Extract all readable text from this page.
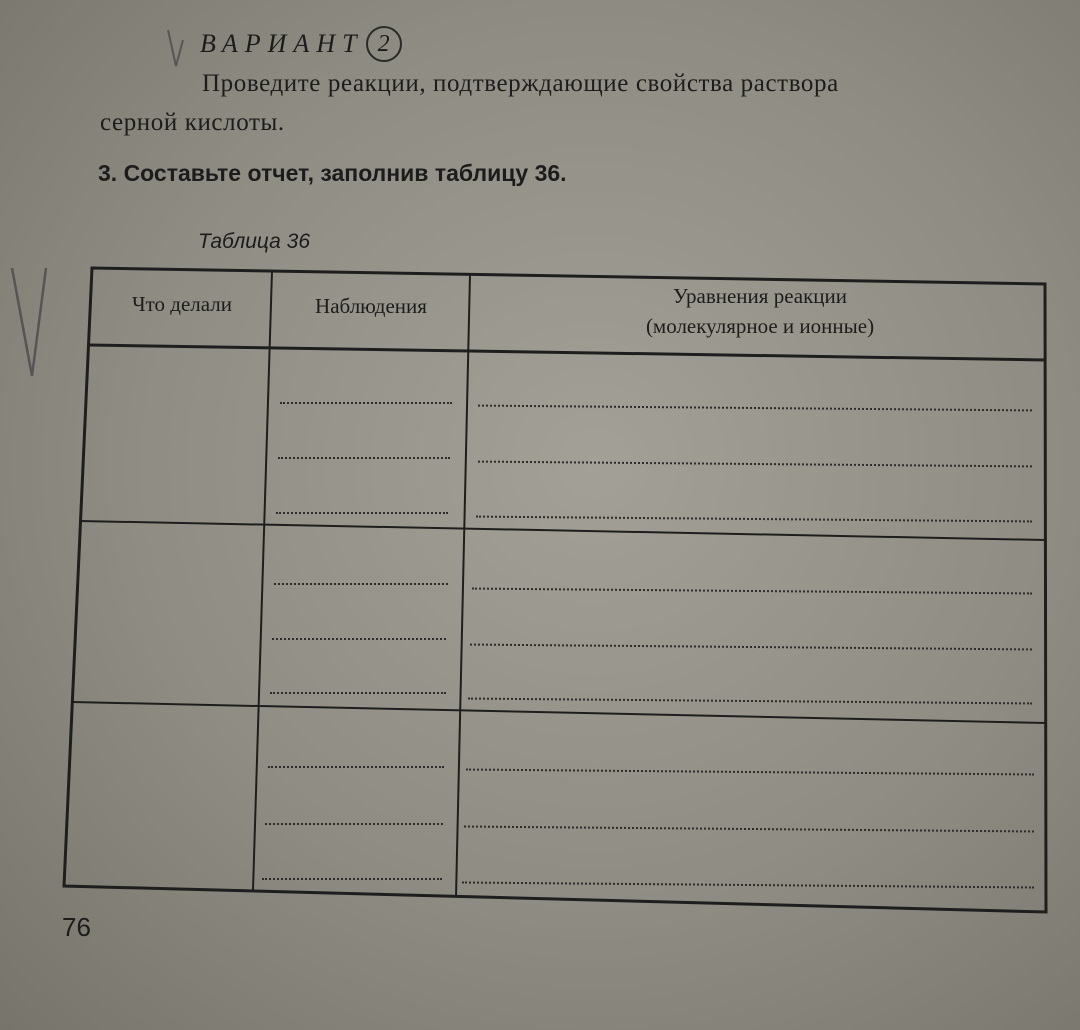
ВАРИАНТ 2
Проведите реакции, подтверждающие свойства раствора
серной кислоты.
3. Составьте отчет, заполнив таблицу 36.
Таблица 36
Что делали	Наблюдения	Уравнения реакции
(молекулярное и ионные)
76
